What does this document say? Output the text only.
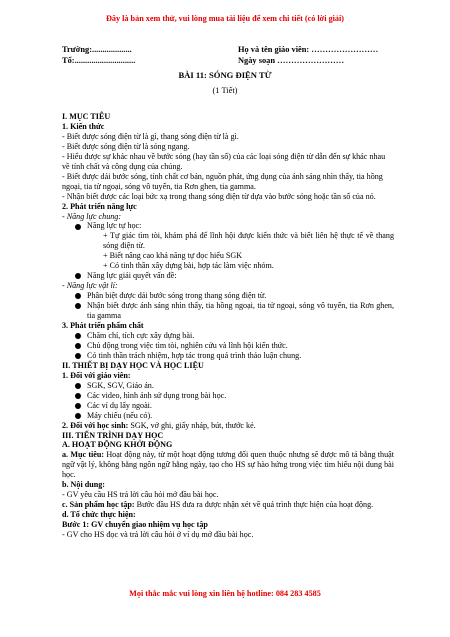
Đây là bản xem thử, vui lòng mua tài liệu để xem chi tiết (có lời giải)
Trường:...................
Tổ:.............................
Họ và tên giáo viên: ……………………
Ngày soạn ……………………
BÀI 11: SÓNG ĐIỆN TỪ
(1 Tiết)

I. MỤC TIÊU

1. Kiến thức

- Biết được sóng điện từ là gì, thang sóng điện từ là gì.

- Biết được sóng điện từ là sóng ngang.

- Hiểu được sự khác nhau về bước sóng (hay tần số) của các loại sóng điện từ dẫn đến sự khác nhau về tính chất và công dụng của chúng.

- Biết được dải bước sóng, tính chất cơ bản, nguồn phát, ứng dụng của ánh sáng nhìn thấy, tia hồng ngoại, tia tử ngoại, sóng vô tuyến, tia Rơn ghen, tia gamma.

- Nhận biết được các loại bức xạ trong thang sóng điện từ dựa vào bước sóng hoặc tần số của nó.

2. Phát triển năng lực

- Năng lực chung:

Năng lực tự học:
+ Tự giác tìm tòi, khám phá để lĩnh hội được kiến thức và biết liên hệ thực tế về thang sóng điện từ.
+ Biết nâng cao khả năng tự đọc hiểu SGK
+ Có tinh thần xây dựng bài, hợp tác làm việc nhóm.
Năng lực giải quyết vấn đề:

- Năng lực vật lí:

Phân biệt được dải bước sóng trong thang sóng điện từ.
Nhận biết được ánh sáng nhìn thấy, tia hồng ngoại, tia tử ngoại, sóng vô tuyến, tia Rơn ghen, tia gamma

3. Phát triển phẩm chất

Chăm chỉ, tích cực xây dựng bài.
Chủ động trong việc tìm tòi, nghiên cứu và lĩnh hội kiến thức.
Có tinh thần trách nhiệm, hợp tác trong quá trình thảo luận chung.

II. THIẾT BỊ DẠY HỌC VÀ HỌC LIỆU

1. Đối với giáo viên:

SGK, SGV, Giáo án.
Các video, hình ảnh sử dụng trong bài học.
Các ví dụ lấy ngoài.
Máy chiếu (nếu có).

2. Đối với học sinh: SGK, vở ghi, giấy nháp, bút, thước kẻ.

III. TIẾN TRÌNH DẠY HỌC

A. HOẠT ĐỘNG KHỞI ĐỘNG

a. Mục tiêu: Hoạt động này, từ một hoạt động tương đối quen thuộc nhưng sẽ được mô tả bằng thuật ngữ vật lý, không bằng ngôn ngữ hằng ngày, tạo cho HS sự hào hứng trong việc tìm hiểu nội dung bài học.

b. Nội dung:

- GV yêu cầu HS trả lời câu hỏi mở đầu bài học.

c. Sản phẩm học tập: Bước đầu HS đưa ra được nhận xét về quá trình thực hiện của hoạt động.

d. Tổ chức thực hiện:

Bước 1: GV chuyển giao nhiệm vụ học tập

- GV cho HS đọc và trả lời câu hỏi ở ví dụ mở đầu bài học.

Mọi thắc mắc vui lòng xin liên hệ hotline: 084 283 4585
